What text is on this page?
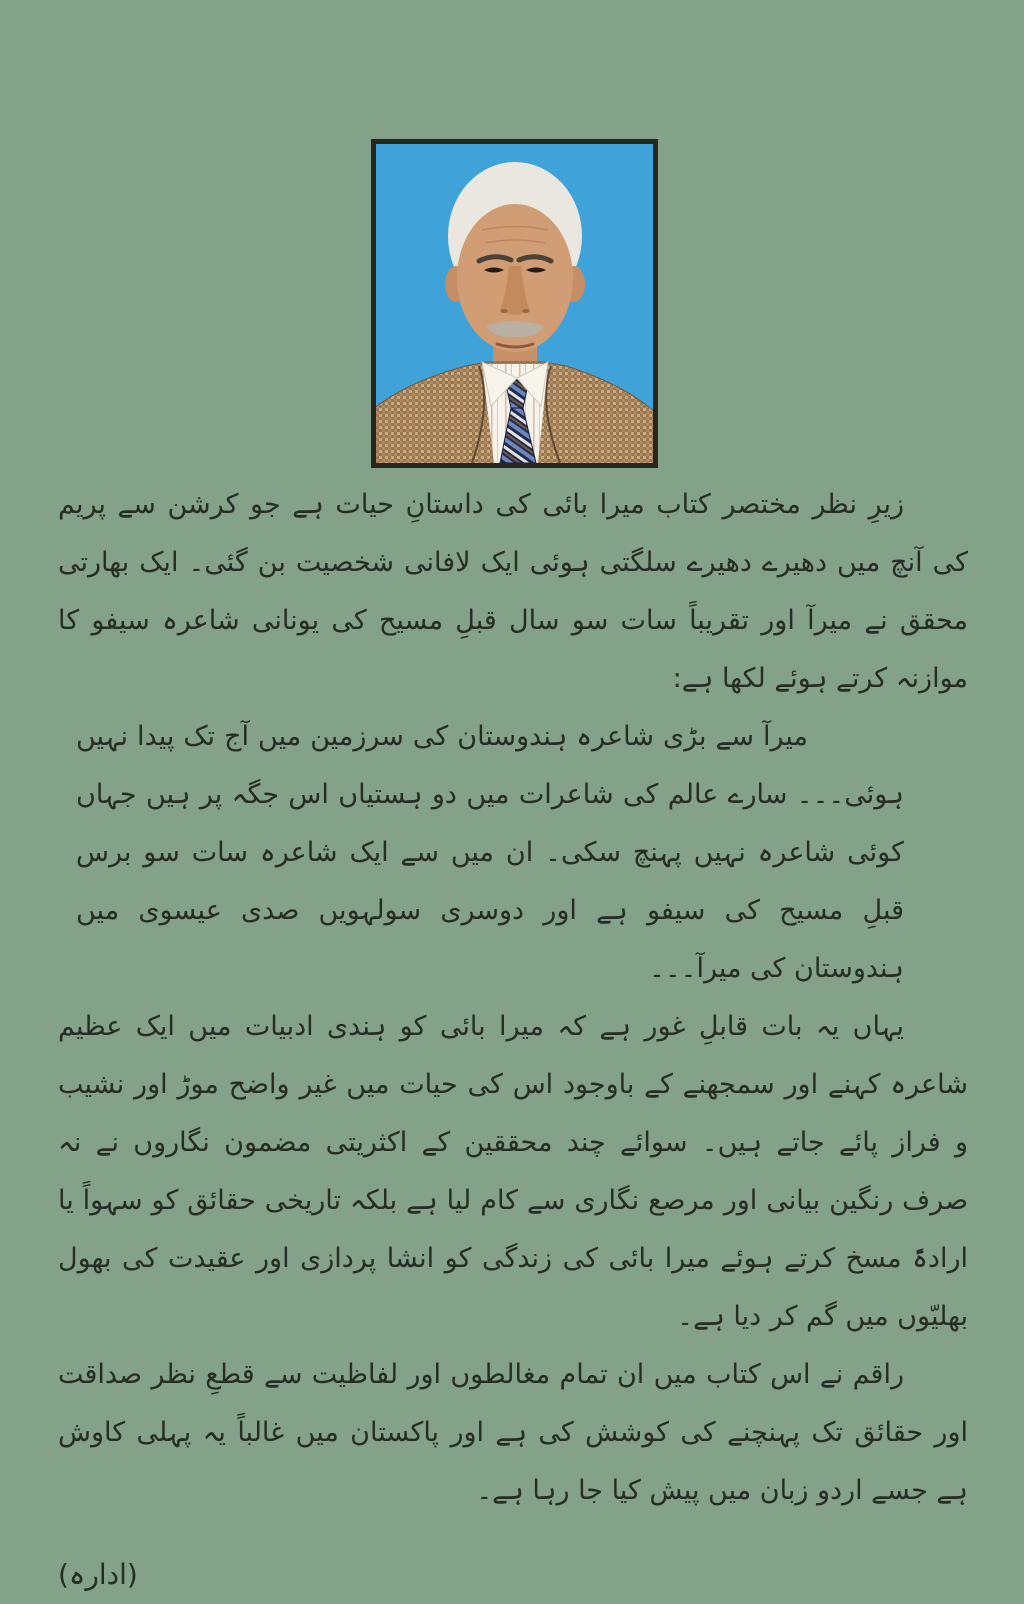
زیرِ نظر مختصر کتاب میرا بائی کی داستانِ حیات ہے جو کرشن سے پریم کی آنچ میں دھیرے دھیرے سلگتی ہوئی ایک لافانی شخصیت بن گئی۔ ایک بھارتی محقق نے میرآ اور تقریباً سات سو سال قبلِ مسیح کی یونانی شاعرہ سیفو کا موازنہ کرتے ہوئے لکھا ہے:

میرآ سے بڑی شاعرہ ہندوستان کی سرزمین میں آج تک پیدا نہیں ہوئی۔۔۔ سارے عالم کی شاعرات میں دو ہستیاں اس جگہ پر ہیں جہاں کوئی شاعرہ نہیں پہنچ سکی۔ ان میں سے ایک شاعرہ سات سو برس قبلِ مسیح کی سیفو ہے اور دوسری سولہویں صدی عیسوی میں ہندوستان کی میرآ۔۔۔

یہاں یہ بات قابلِ غور ہے کہ میرا بائی کو ہندی ادبیات میں ایک عظیم شاعرہ کہنے اور سمجھنے کے باوجود اس کی حیات میں غیر واضح موڑ اور نشیب و فراز پائے جاتے ہیں۔ سوائے چند محققین کے اکثریتی مضمون نگاروں نے نہ صرف رنگین بیانی اور مرصع نگاری سے کام لیا ہے بلکہ تاریخی حقائق کو سہواً یا ارادۃً مسخ کرتے ہوئے میرا بائی کی زندگی کو انشا پردازی اور عقیدت کی بھول بھلیّوں میں گم کر دیا ہے۔

راقم نے اس کتاب میں ان تمام مغالطوں اور لفاظیت سے قطعِ نظر صداقت اور حقائق تک پہنچنے کی کوشش کی ہے اور پاکستان میں غالباً یہ پہلی کاوش ہے جسے اردو زبان میں پیش کیا جا رہا ہے۔

(ادارہ)
